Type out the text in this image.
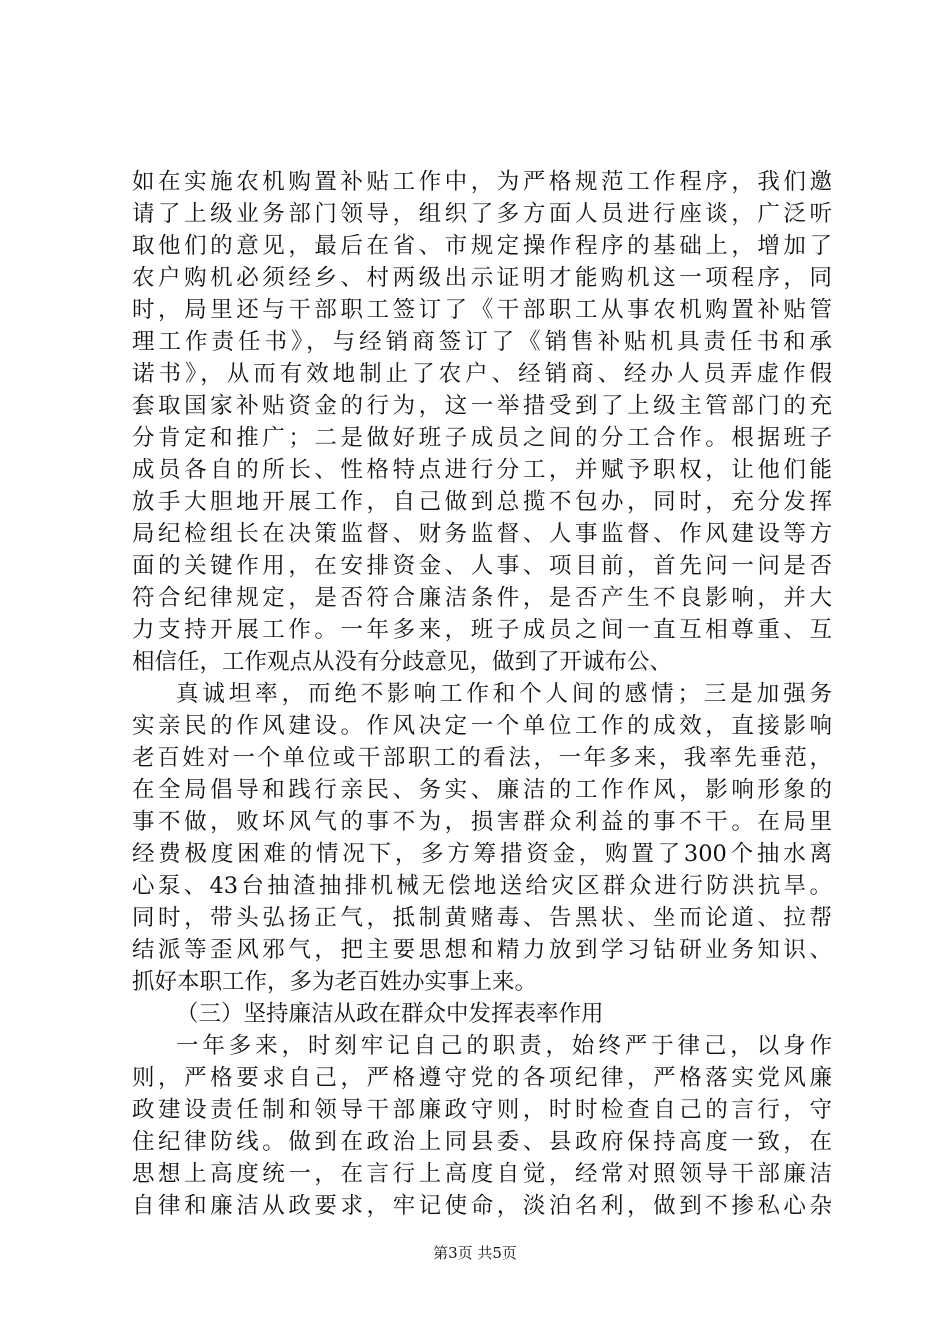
如在实施农机购置补贴工作中，为严格规范工作程序，我们邀
请了上级业务部门领导，组织了多方面人员进行座谈，广泛听
取他们的意见，最后在省、市规定操作程序的基础上，增加了
农户购机必须经乡、村两级出示证明才能购机这一项程序，同
时，局里还与干部职工签订了《干部职工从事农机购置补贴管
理工作责任书》，与经销商签订了《销售补贴机具责任书和承
诺书》，从而有效地制止了农户、经销商、经办人员弄虚作假
套取国家补贴资金的行为，这一举措受到了上级主管部门的充
分肯定和推广；二是做好班子成员之间的分工合作。根据班子
成员各自的所长、性格特点进行分工，并赋予职权，让他们能
放手大胆地开展工作，自己做到总揽不包办，同时，充分发挥
局纪检组长在决策监督、财务监督、人事监督、作风建设等方
面的关键作用，在安排资金、人事、项目前，首先问一问是否
符合纪律规定，是否符合廉洁条件，是否产生不良影响，并大
力支持开展工作。一年多来，班子成员之间一直互相尊重、互
相信任，工作观点从没有分歧意见，做到了开诚布公、
真诚坦率，而绝不影响工作和个人间的感情；三是加强务
实亲民的作风建设。作风决定一个单位工作的成效，直接影响
老百姓对一个单位或干部职工的看法，一年多来，我率先垂范，
在全局倡导和践行亲民、务实、廉洁的工作作风，影响形象的
事不做，败坏风气的事不为，损害群众利益的事不干。在局里
经费极度困难的情况下，多方筹措资金，购置了300个抽水离
心泵、43台抽渣抽排机械无偿地送给灾区群众进行防洪抗旱。
同时，带头弘扬正气，抵制黄赌毒、告黑状、坐而论道、拉帮
结派等歪风邪气，把主要思想和精力放到学习钻研业务知识、
抓好本职工作，多为老百姓办实事上来。
（三）坚持廉洁从政在群众中发挥表率作用
一年多来，时刻牢记自己的职责，始终严于律己，以身作
则，严格要求自己，严格遵守党的各项纪律，严格落实党风廉
政建设责任制和领导干部廉政守则，时时检查自己的言行，守
住纪律防线。做到在政治上同县委、县政府保持高度一致，在
思想上高度统一，在言行上高度自觉，经常对照领导干部廉洁
自律和廉洁从政要求，牢记使命，淡泊名利，做到不掺私心杂
第3页 共5页
